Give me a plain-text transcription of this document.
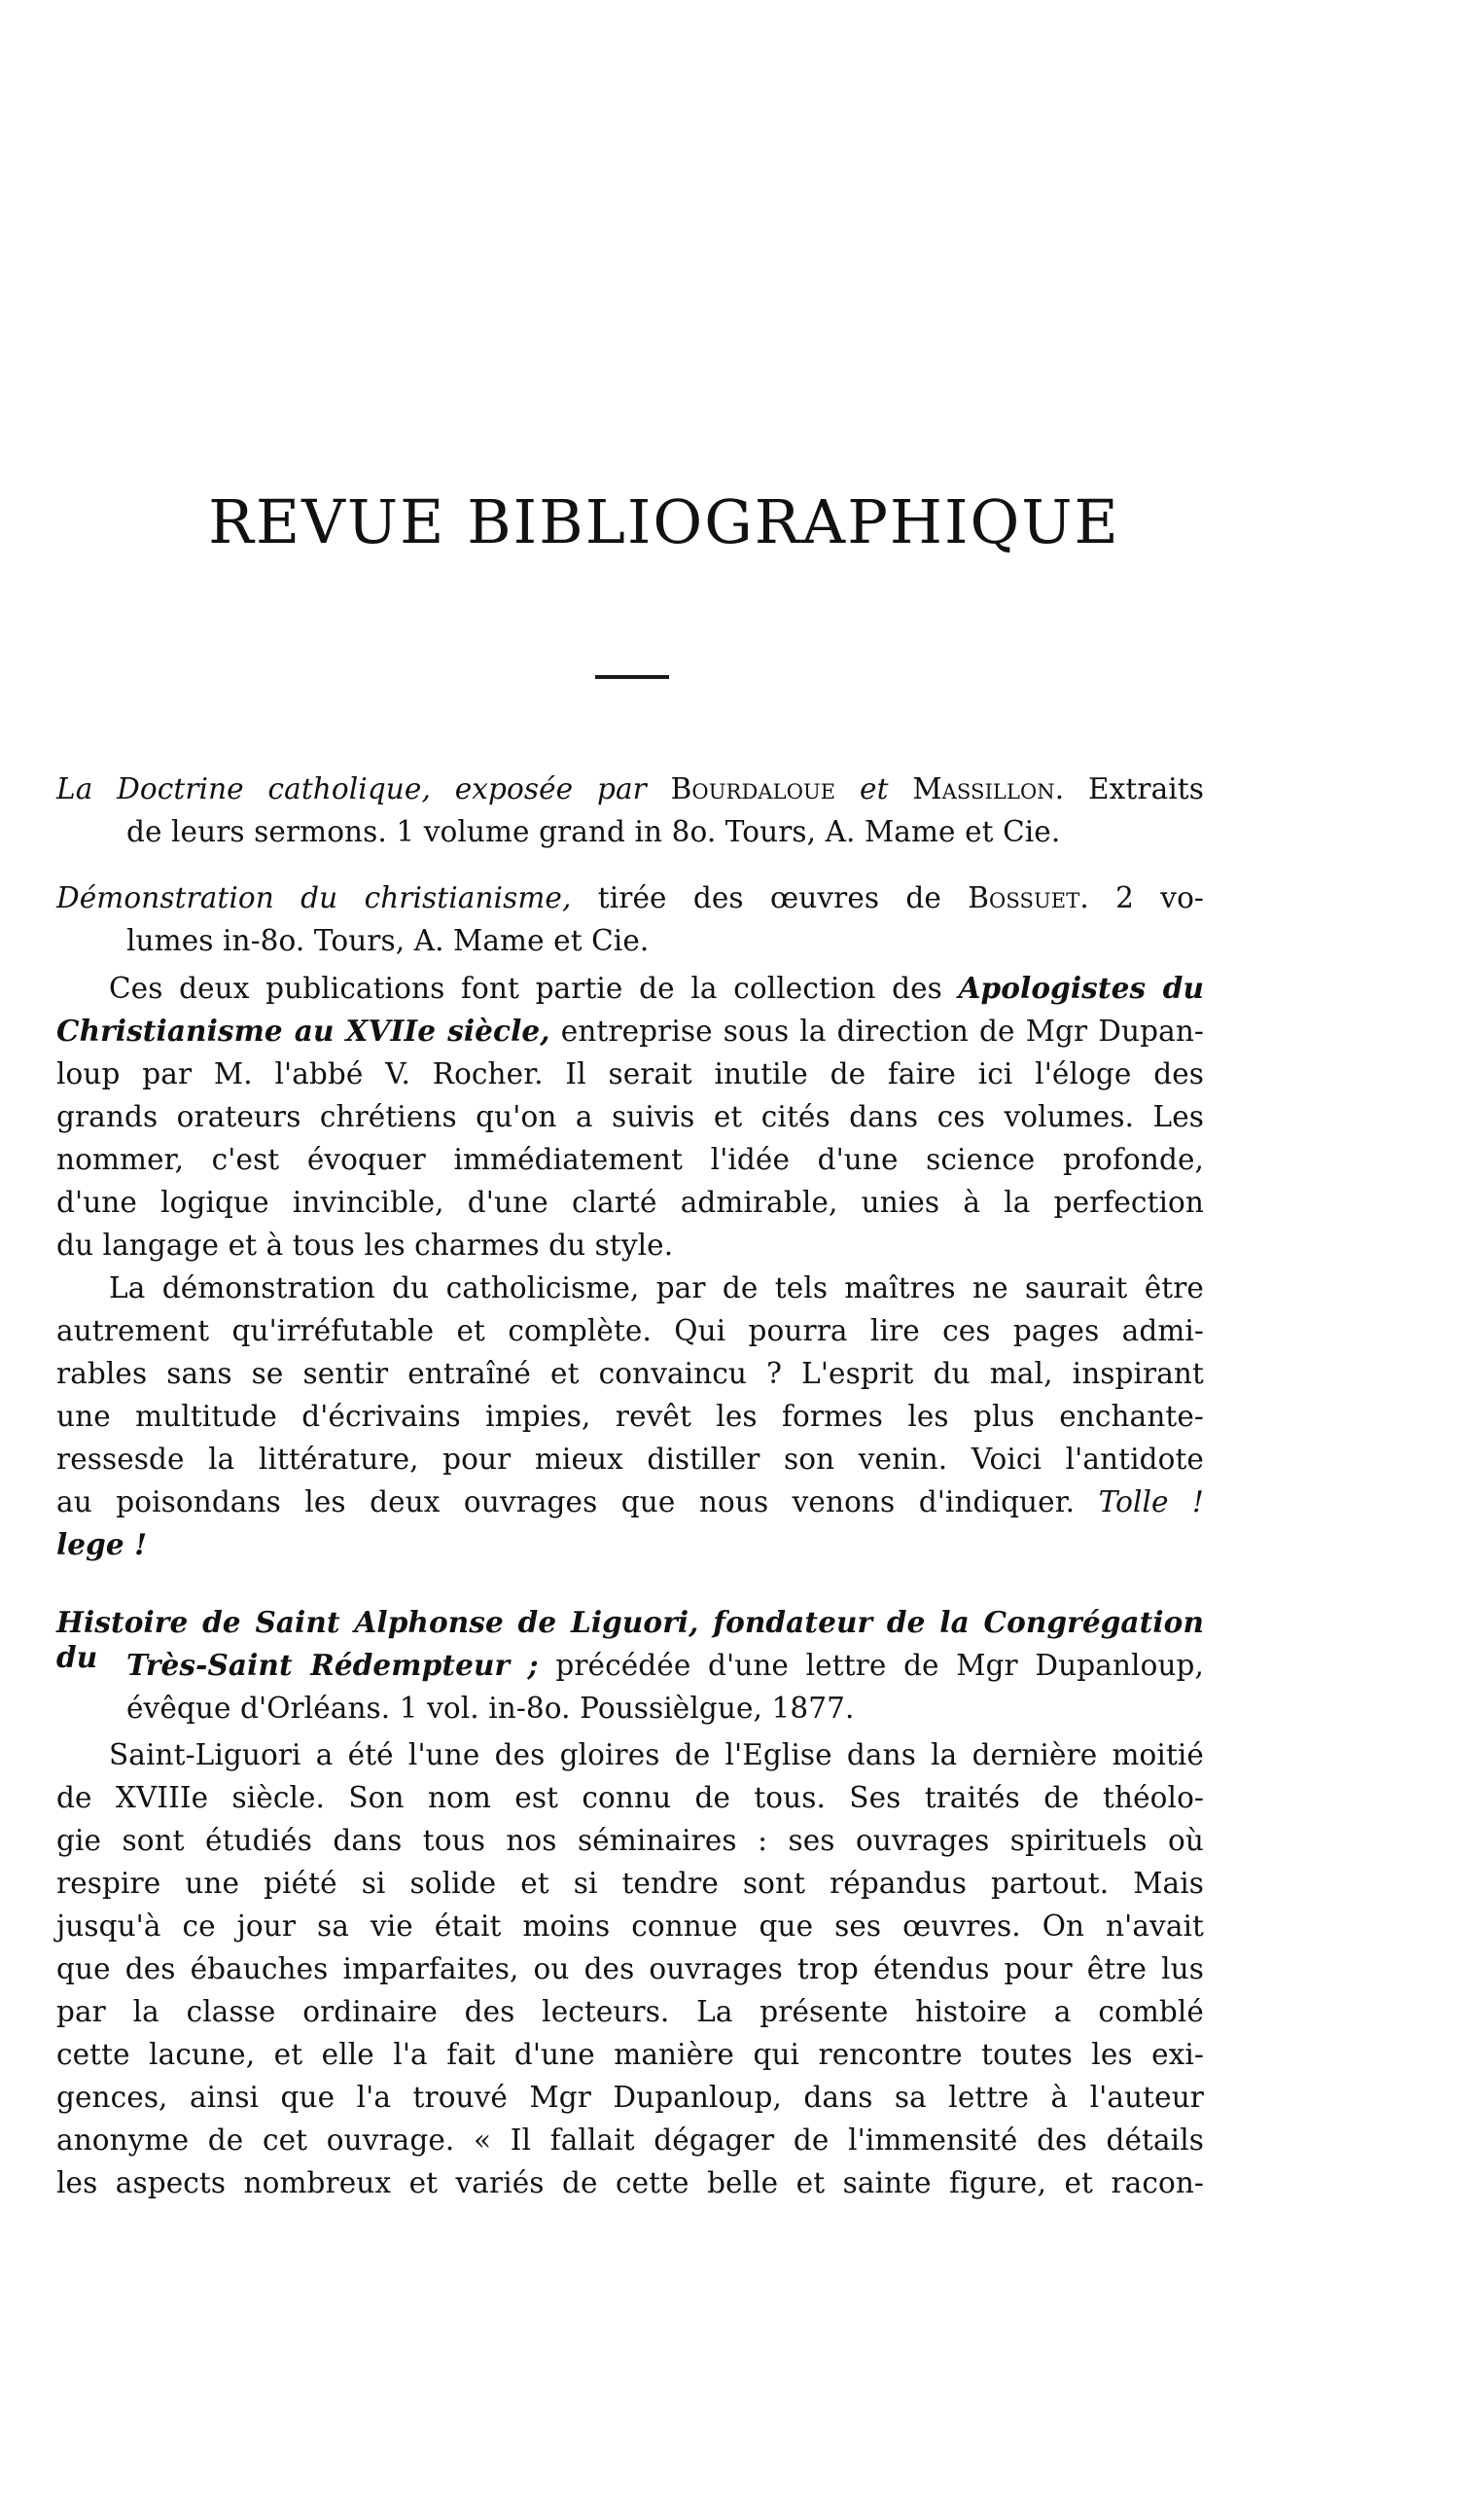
REVUE BIBLIOGRAPHIQUE
La Doctrine catholique, exposée par Bourdaloue et Massillon. Extraits
de leurs sermons. 1 volume grand in 8o. Tours, A. Mame et Cie.
Démonstration du christianisme, tirée des œuvres de Bossuet. 2 vo-
lumes in-8o. Tours, A. Mame et Cie.
Ces deux publications font partie de la collection des Apologistes du
Christianisme au XVIIe siècle, entreprise sous la direction de Mgr Dupan-
loup par M. l'abbé V. Rocher. Il serait inutile de faire ici l'éloge des
grands orateurs chrétiens qu'on a suivis et cités dans ces volumes. Les
nommer, c'est évoquer immédiatement l'idée d'une science profonde,
d'une logique invincible, d'une clarté admirable, unies à la perfection
du langage et à tous les charmes du style.
La démonstration du catholicisme, par de tels maîtres ne saurait être
autrement qu'irréfutable et complète. Qui pourra lire ces pages admi-
rables sans se sentir entraîné et convaincu ? L'esprit du mal, inspirant
une multitude d'écrivains impies, revêt les formes les plus enchante-
ressesde la littérature, pour mieux distiller son venin. Voici l'antidote
au poisondans les deux ouvrages que nous venons d'indiquer. Tolle !
lege !
Saint-Liguori a été l'une des gloires de l'Eglise dans la dernière moitié
de XVIIIe siècle. Son nom est connu de tous. Ses traités de théolo-
gie sont étudiés dans tous nos séminaires : ses ouvrages spirituels où
respire une piété si solide et si tendre sont répandus partout. Mais
jusqu'à ce jour sa vie était moins connue que ses œuvres. On n'avait
que des ébauches imparfaites, ou des ouvrages trop étendus pour être lus
par la classe ordinaire des lecteurs. La présente histoire a comblé
cette lacune, et elle l'a fait d'une manière qui rencontre toutes les exi-
gences, ainsi que l'a trouvé Mgr Dupanloup, dans sa lettre à l'auteur
anonyme de cet ouvrage. « Il fallait dégager de l'immensité des détails
les aspects nombreux et variés de cette belle et sainte figure, et racon-
Histoire de Saint Alphonse de Liguori, fondateur de la Congrégation du	Très-Saint Rédempteur ; précédée d'une lettre de Mgr Dupanloup,
évêque d'Orléans. 1 vol. in-8o. Poussièlgue, 1877.
